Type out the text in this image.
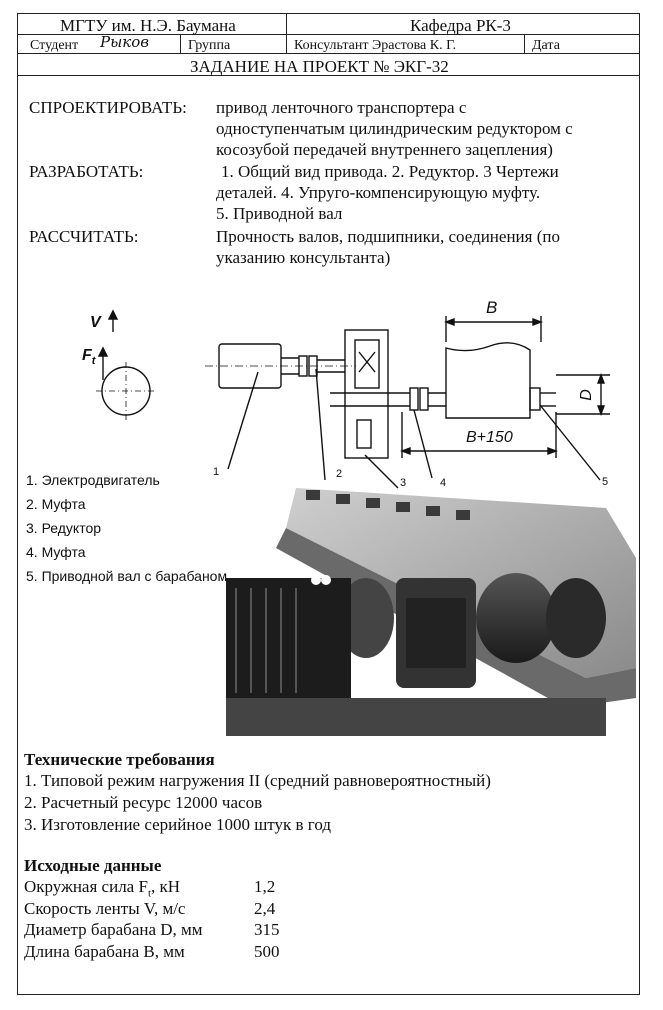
МГТУ им. Н.Э. Баумана	Кафедра РК-3
Студент Рыков	Группа	Консультант Эрастова К. Г.	Дата
ЗАДАНИЕ НА ПРОЕКТ № ЭКГ-32
СПРОЕКТИРОВАТЬ: привод ленточного транспортера с
одноступенчатым цилиндрическим редуктором с
косозубой передачей внутреннего зацепления)
РАЗРАБОТАТЬ:	1. Общий вид привода. 2. Редуктор. 3 Чертежи
деталей. 4. Упруго-компенсирующую муфту.
5. Приводной вал
РАССЧИТАТЬ:	Прочность валов, подшипники, соединения (по
указанию консультанта)
Технические требования
1. Типовой режим нагружения II (средний равновероятностный)
2. Расчетный ресурс 12000 часов
3. Изготовление серийное 1000 штук в год
Исходные данные
Окружная сила $F_t$, кН	1,2
Скорость ленты V, м/с	2,4
Диаметр барабана D, мм	315
Длина барабана B, мм	500
V
$F_t$
B
B+150
D
1	2
3	4	5
1. Электродвигатель
2. Муфта
3. Редуктор
4. Муфта
5. Приводной вал с барабаном
